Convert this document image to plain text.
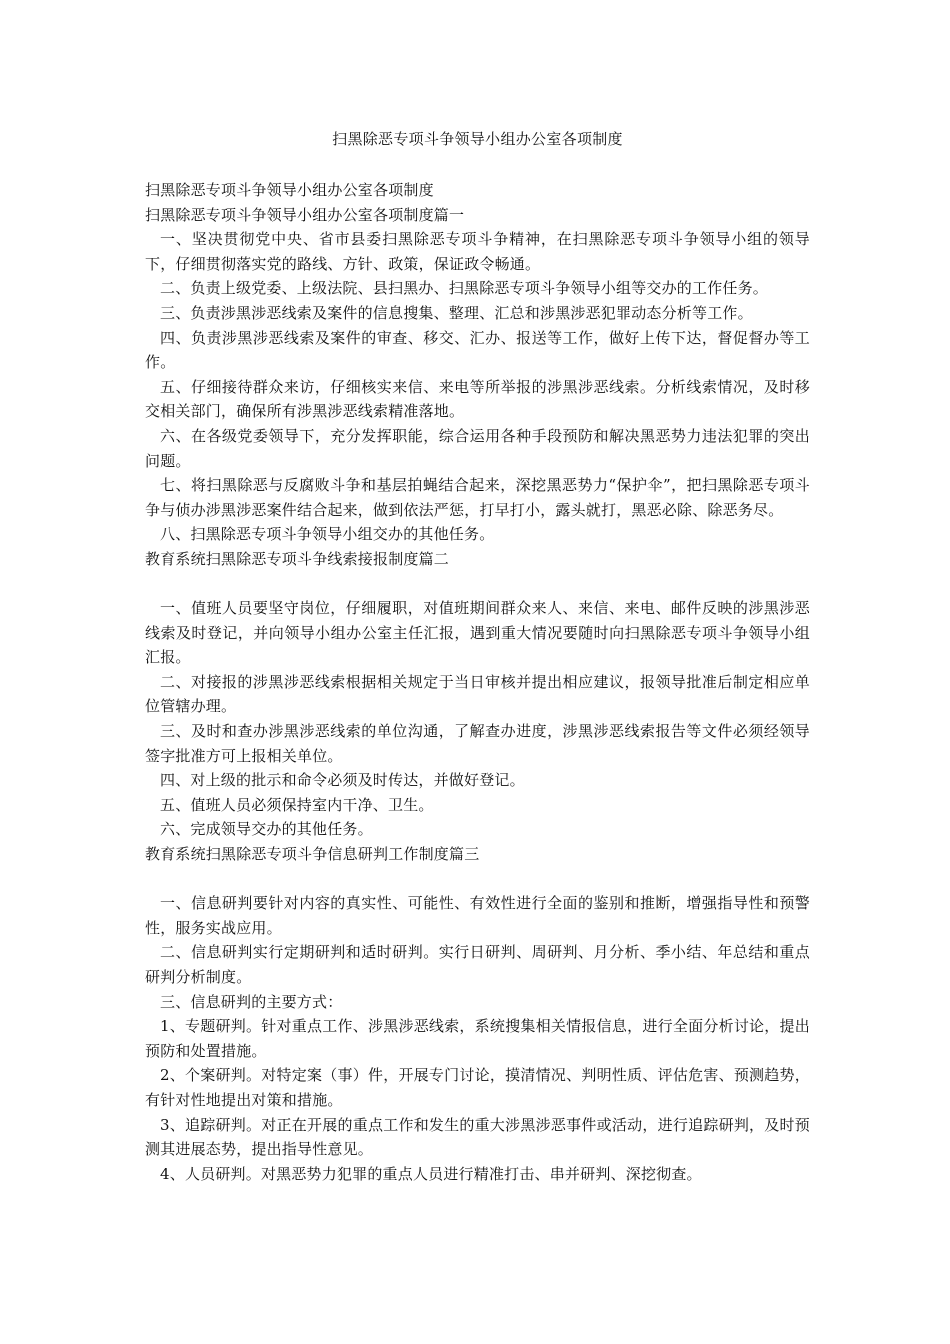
扫黑除恶专项斗争领导小组办公室各项制度

扫黑除恶专项斗争领导小组办公室各项制度

扫黑除恶专项斗争领导小组办公室各项制度篇一

一、坚决贯彻党中央、省市县委扫黑除恶专项斗争精神，在扫黑除恶专项斗争领导小组的领导下，仔细贯彻落实党的路线、方针、政策，保证政令畅通。

二、负责上级党委、上级法院、县扫黑办、扫黑除恶专项斗争领导小组等交办的工作任务。

三、负责涉黑涉恶线索及案件的信息搜集、整理、汇总和涉黑涉恶犯罪动态分析等工作。

四、负责涉黑涉恶线索及案件的审查、移交、汇办、报送等工作，做好上传下达，督促督办等工作。

五、仔细接待群众来访，仔细核实来信、来电等所举报的涉黑涉恶线索。分析线索情况，及时移交相关部门，确保所有涉黑涉恶线索精准落地。

六、在各级党委领导下，充分发挥职能，综合运用各种手段预防和解决黑恶势力违法犯罪的突出问题。

七、将扫黑除恶与反腐败斗争和基层拍蝇结合起来，深挖黑恶势力“保护伞”，把扫黑除恶专项斗争与侦办涉黑涉恶案件结合起来，做到依法严惩，打早打小，露头就打，黑恶必除、除恶务尽。

八、扫黑除恶专项斗争领导小组交办的其他任务。

教育系统扫黑除恶专项斗争线索接报制度篇二

一、值班人员要坚守岗位，仔细履职，对值班期间群众来人、来信、来电、邮件反映的涉黑涉恶线索及时登记，并向领导小组办公室主任汇报，遇到重大情况要随时向扫黑除恶专项斗争领导小组汇报。

二、对接报的涉黑涉恶线索根据相关规定于当日审核并提出相应建议，报领导批准后制定相应单位管辖办理。

三、及时和查办涉黑涉恶线索的单位沟通，了解查办进度，涉黑涉恶线索报告等文件必须经领导签字批准方可上报相关单位。

四、对上级的批示和命令必须及时传达，并做好登记。

五、值班人员必须保持室内干净、卫生。

六、完成领导交办的其他任务。

教育系统扫黑除恶专项斗争信息研判工作制度篇三

一、信息研判要针对内容的真实性、可能性、有效性进行全面的鉴别和推断，增强指导性和预警性，服务实战应用。

二、信息研判实行定期研判和适时研判。实行日研判、周研判、月分析、季小结、年总结和重点研判分析制度。

三、信息研判的主要方式：

1、专题研判。针对重点工作、涉黑涉恶线索，系统搜集相关情报信息，进行全面分析讨论，提出预防和处置措施。

2、个案研判。对特定案（事）件，开展专门讨论，摸清情况、判明性质、评估危害、预测趋势，有针对性地提出对策和措施。

3、追踪研判。对正在开展的重点工作和发生的重大涉黑涉恶事件或活动，进行追踪研判，及时预测其进展态势，提出指导性意见。

4、人员研判。对黑恶势力犯罪的重点人员进行精准打击、串并研判、深挖彻查。
